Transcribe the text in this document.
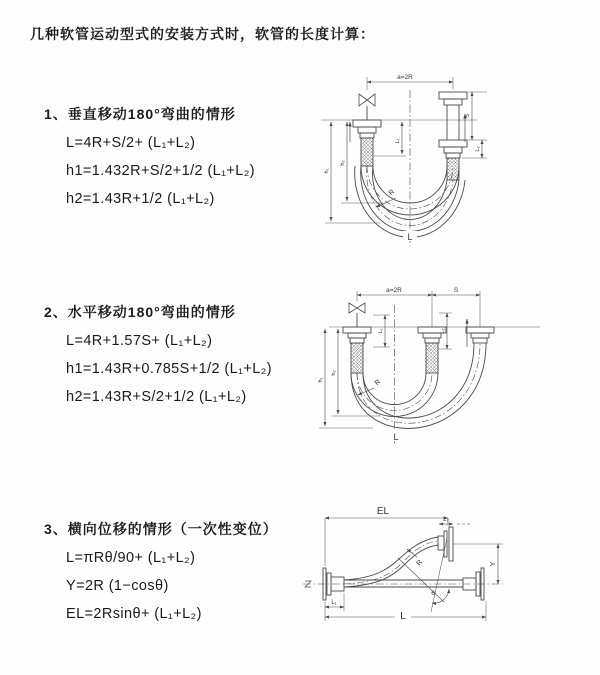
几种软管运动型式的安装方式时，软管的长度计算：
1、垂直移动180°弯曲的情形
L=4R+S/2+ (L₁+L₂)
h1=1.432R+S/2+1/2 (L₁+L₂)
h2=1.43R+1/2 (L₁+L₂)
2、水平移动180°弯曲的情形
L=4R+1.57S+ (L₁+L₂)
h1=1.43R+0.785S+1/2 (L₁+L₂)
h2=1.43R+S/2+1/2 (L₁+L₂)
3、横向位移的情形（一次性变位）
L=πRθ/90+ (L₁+L₂)
Y=2R (1−cosθ)
EL=2Rsinθ+ (L₁+L₂)
a=2R
L₁
S
L₂
h₂
h₁
R
L
a=2R	S
L₁	L₂
h₂
h₁	R
L
EL
L₂
θ
R	Y
L₁
L
